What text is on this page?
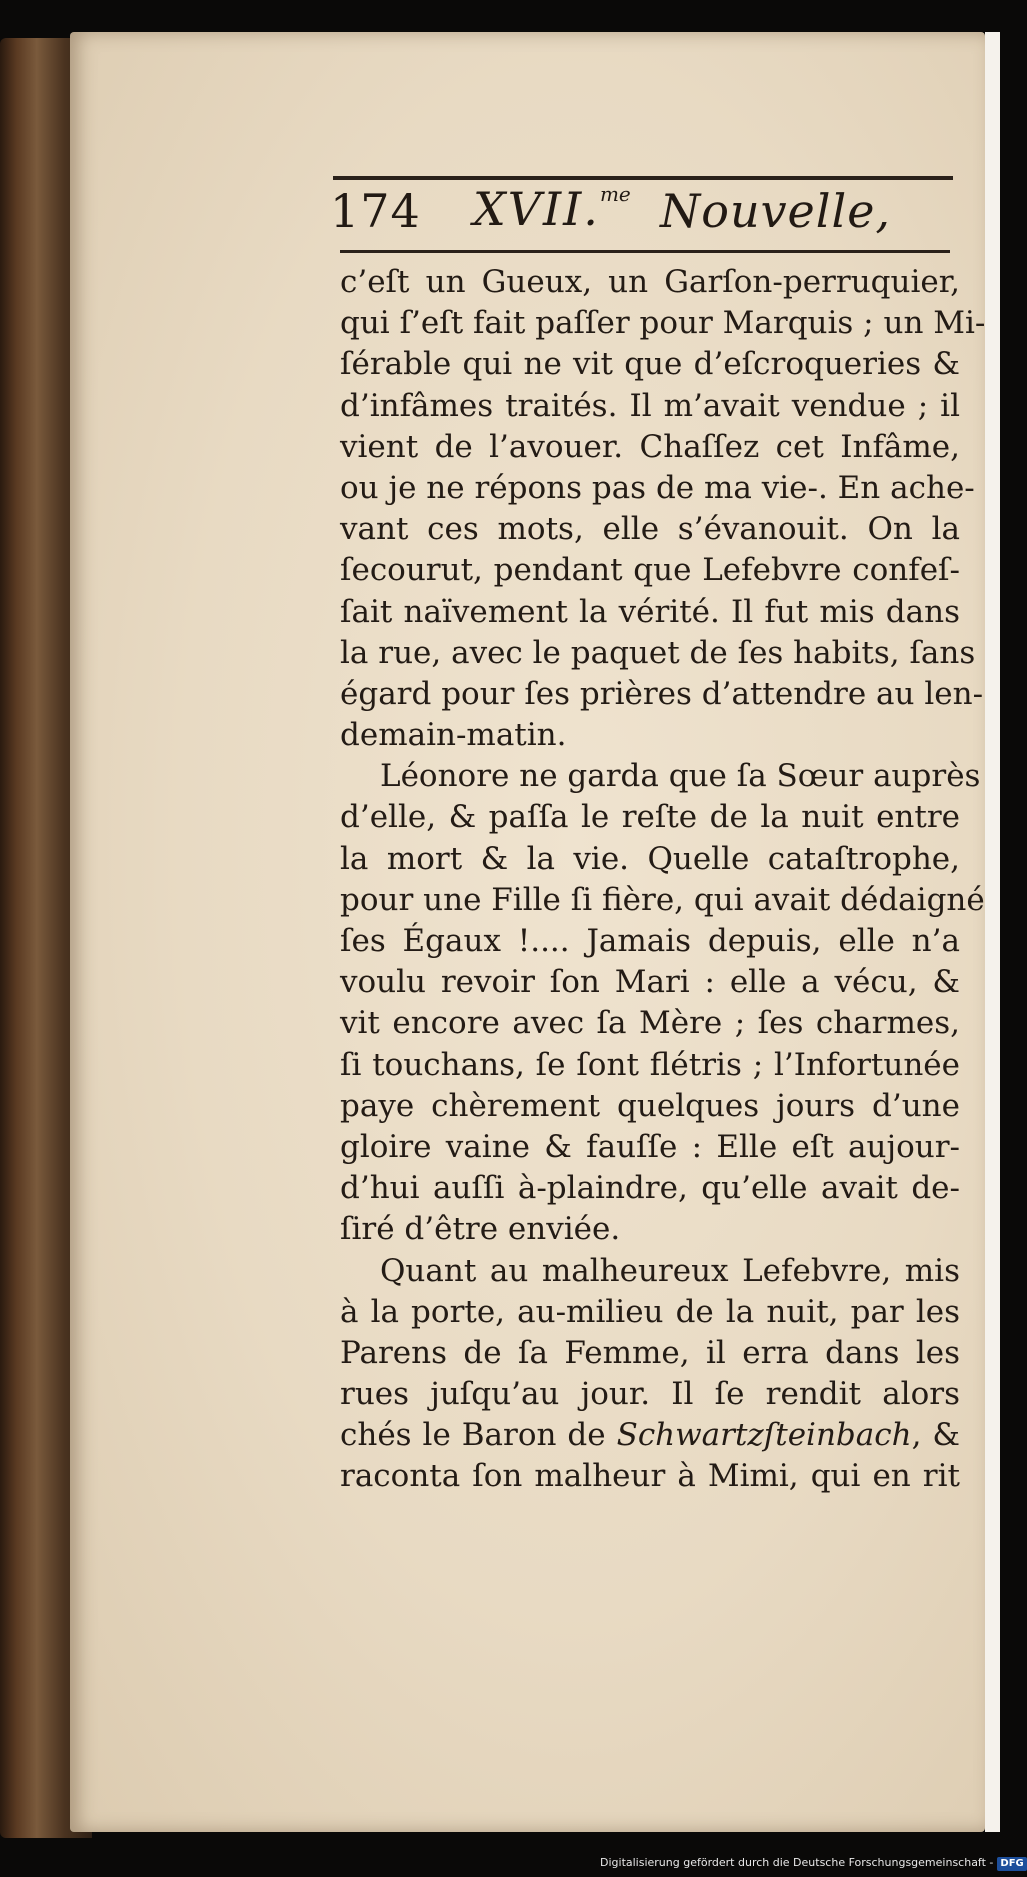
174 XVII.$^{me}$ Nouvelle,
c’eſt un Gueux, un Garſon-perruquier,
qui ſ’eſt fait paſſer pour Marquis ; un Mi-
ſérable qui ne vit que d’eſcroqueries &
d’infâmes traités. Il m’avait vendue ; il
vient de l’avouer. Chaſſez cet Infâme,
ou je ne répons pas de ma vie-. En ache-
vant ces mots, elle s’évanouit. On la
ſecourut, pendant que Lefebvre confeſ-
ſait naïvement la vérité. Il fut mis dans
la rue, avec le paquet de ſes habits, ſans
égard pour ſes prières d’attendre au len-
demain-matin.
Léonore ne garda que ſa Sœur auprès
d’elle, & paſſa le reſte de la nuit entre
la mort & la vie. Quelle cataſtrophe,
pour une Fille ſi fière, qui avait dédaigné
ſes Égaux !.... Jamais depuis, elle n’a
voulu revoir ſon Mari : elle a vécu, &
vit encore avec ſa Mère ; ſes charmes,
ſi touchans, ſe ſont flétris ; l’Infortunée
paye chèrement quelques jours d’une
gloire vaine & fauſſe : Elle eſt aujour-
d’hui auſſi à-plaindre, qu’elle avait de-
ſiré d’être enviée.
Quant au malheureux Lefebvre, mis
à la porte, au-milieu de la nuit, par les
Parens de ſa Femme, il erra dans les
rues juſqu’au jour. Il ſe rendit alors
chés le Baron de Schwartzſteinbach, &
raconta ſon malheur à Mimi, qui en rit
Digitalisierung gefördert durch die Deutsche Forschungsgemeinschaft - DFG
